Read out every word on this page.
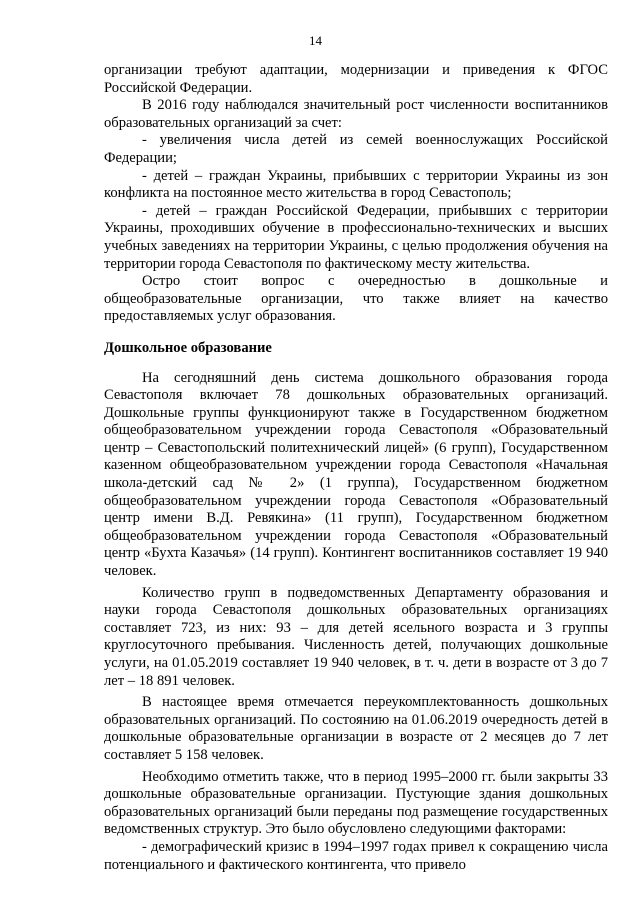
14

организации требуют адаптации, модернизации и приведения к ФГОС Российской Федерации.

В 2016 году наблюдался значительный рост численности воспитанников образовательных организаций за счет:

- увеличения числа детей из семей военнослужащих Российской Федерации;

- детей – граждан Украины, прибывших с территории Украины из зон конфликта на постоянное место жительства в город Севастополь;

- детей – граждан Российской Федерации, прибывших с территории Украины, проходивших обучение в профессионально-технических и высших учебных заведениях на территории Украины, с целью продолжения обучения на территории города Севастополя по фактическому месту жительства.

Остро стоит вопрос с очередностью в дошкольные и общеобразовательные организации, что также влияет на качество предоставляемых услуг образования.

Дошкольное образование

На сегодняшний день система дошкольного образования города Севастополя включает 78 дошкольных образовательных организаций. Дошкольные группы функционируют также в Государственном бюджетном общеобразовательном учреждении города Севастополя «Образовательный центр – Севастопольский политехнический лицей» (6 групп), Государственном казенном общеобразовательном учреждении города Севастополя «Начальная школа-детский сад № 2» (1 группа), Государственном бюджетном общеобразовательном учреждении города Севастополя «Образовательный центр имени В.Д. Ревякина» (11 групп), Государственном бюджетном общеобразовательном учреждении города Севастополя «Образовательный центр «Бухта Казачья» (14 групп). Контингент воспитанников составляет 19 940 человек.

Количество групп в подведомственных Департаменту образования и науки города Севастополя дошкольных образовательных организациях составляет 723, из них: 93 – для детей ясельного возраста и 3 группы круглосуточного пребывания. Численность детей, получающих дошкольные услуги, на 01.05.2019 составляет 19 940 человек, в т. ч. дети в возрасте от 3 до 7 лет – 18 891 человек.

В настоящее время отмечается переукомплектованность дошкольных образовательных организаций. По состоянию на 01.06.2019 очередность детей в дошкольные образовательные организации в возрасте от 2 месяцев до 7 лет составляет 5 158 человек.

Необходимо отметить также, что в период 1995–2000 гг. были закрыты 33 дошкольные образовательные организации. Пустующие здания дошкольных образовательных организаций были переданы под размещение государственных ведомственных структур. Это было обусловлено следующими факторами:

- демографический кризис в 1994–1997 годах привел к сокращению числа потенциального и фактического контингента, что привело
